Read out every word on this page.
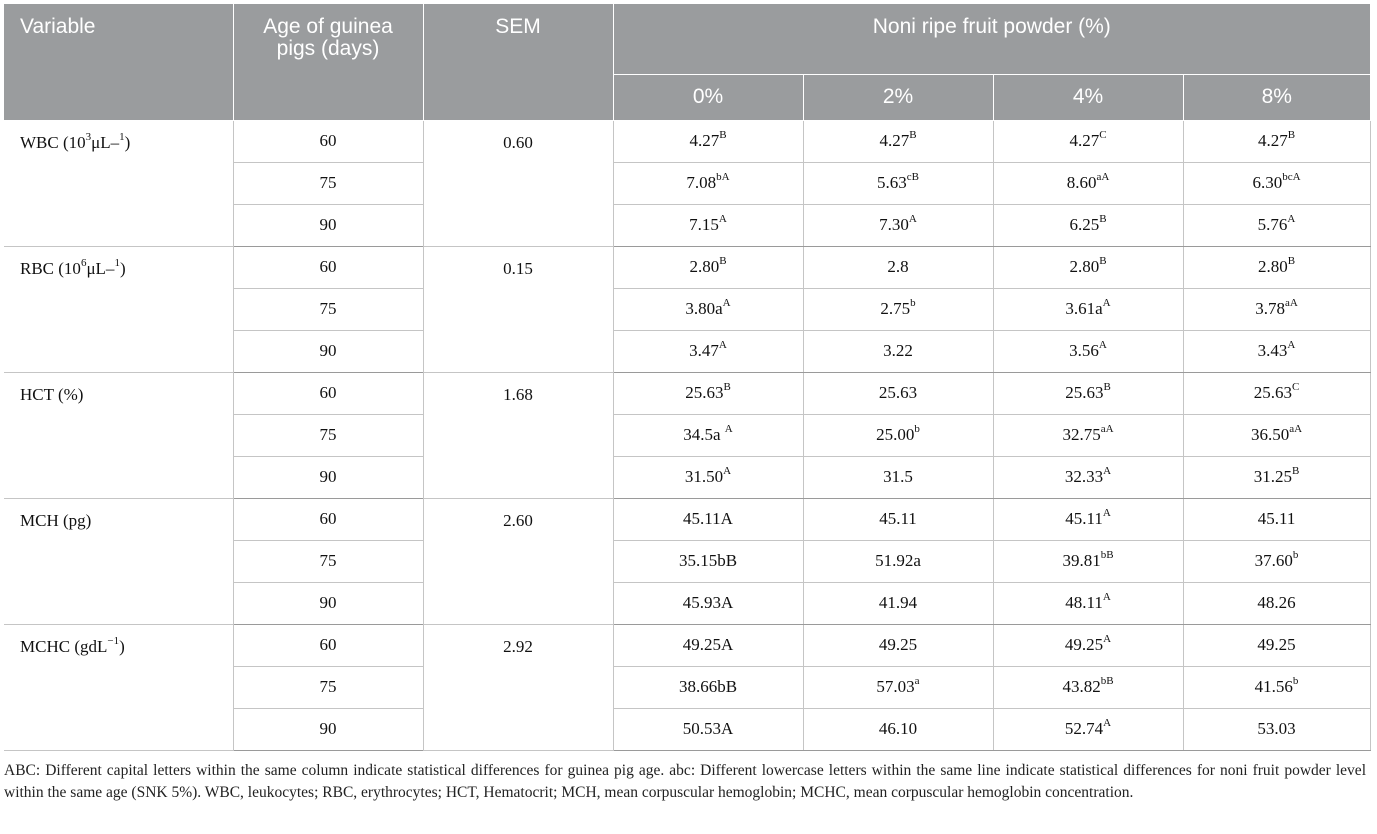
Variable	Age of guinea pigs (days)	SEM	Noni ripe fruit powder (%)			
			0%	2%	4%	8%
WBC $(10^3\mu L-^1)$	60	0.60	$4.27^B$	$4.27^B$	$4.27^C$	$4.27^B$
	75		$7.08^{bA}$	$5.63^{cB}$	$8.60^{aA}$	$6.30^{bcA}$
	90		$7.15^A$	$7.30^A$	$6.25^B$	$5.76^A$
RBC $(10^6\mu L-^1)$	60	0.15	$2.80^B$	2.8	$2.80^B$	$2.80^B$
	75		$3.80a^A$	2.75$^b$	$3.61a^A$	$3.78^{aA}$
	90		$3.47^A$	3.22	$3.56^A$	$3.43^A$
HCT (%)	60	1.68	$25.63^B$	25.63	$25.63^B$	$25.63^C$
	75		34.5a $^A$	25.00$^b$	$32.75^{aA}$	$36.50^{aA}$
	90		$31.50^A$	31.5	$32.33^A$	$31.25^B$
MCH (pg)	60	2.60	45.11A	45.11	$45.11^A$	45.11
	75		35.15bB	51.92a	$39.81^{bB}$	37.60$^b$
	90		45.93A	41.94	$48.11^A$	48.26
MCHC (gdL$^{-1}$)	60	2.92	49.25A	49.25	$49.25^A$	49.25
	75		38.66bB	57.03$^a$	$43.82^{bB}$	41.56$^b$
	90		50.53A	46.10	$52.74^A$	53.03

ABC: Different capital letters within the same column indicate statistical differences for guinea pig age. abc: Different lowercase letters within the same line indicate statistical differences for noni fruit powder level within the same age (SNK 5%). WBC, leukocytes; RBC, erythrocytes; HCT, Hematocrit; MCH, mean corpuscular hemoglobin; MCHC, mean corpuscular hemoglobin concentration.
